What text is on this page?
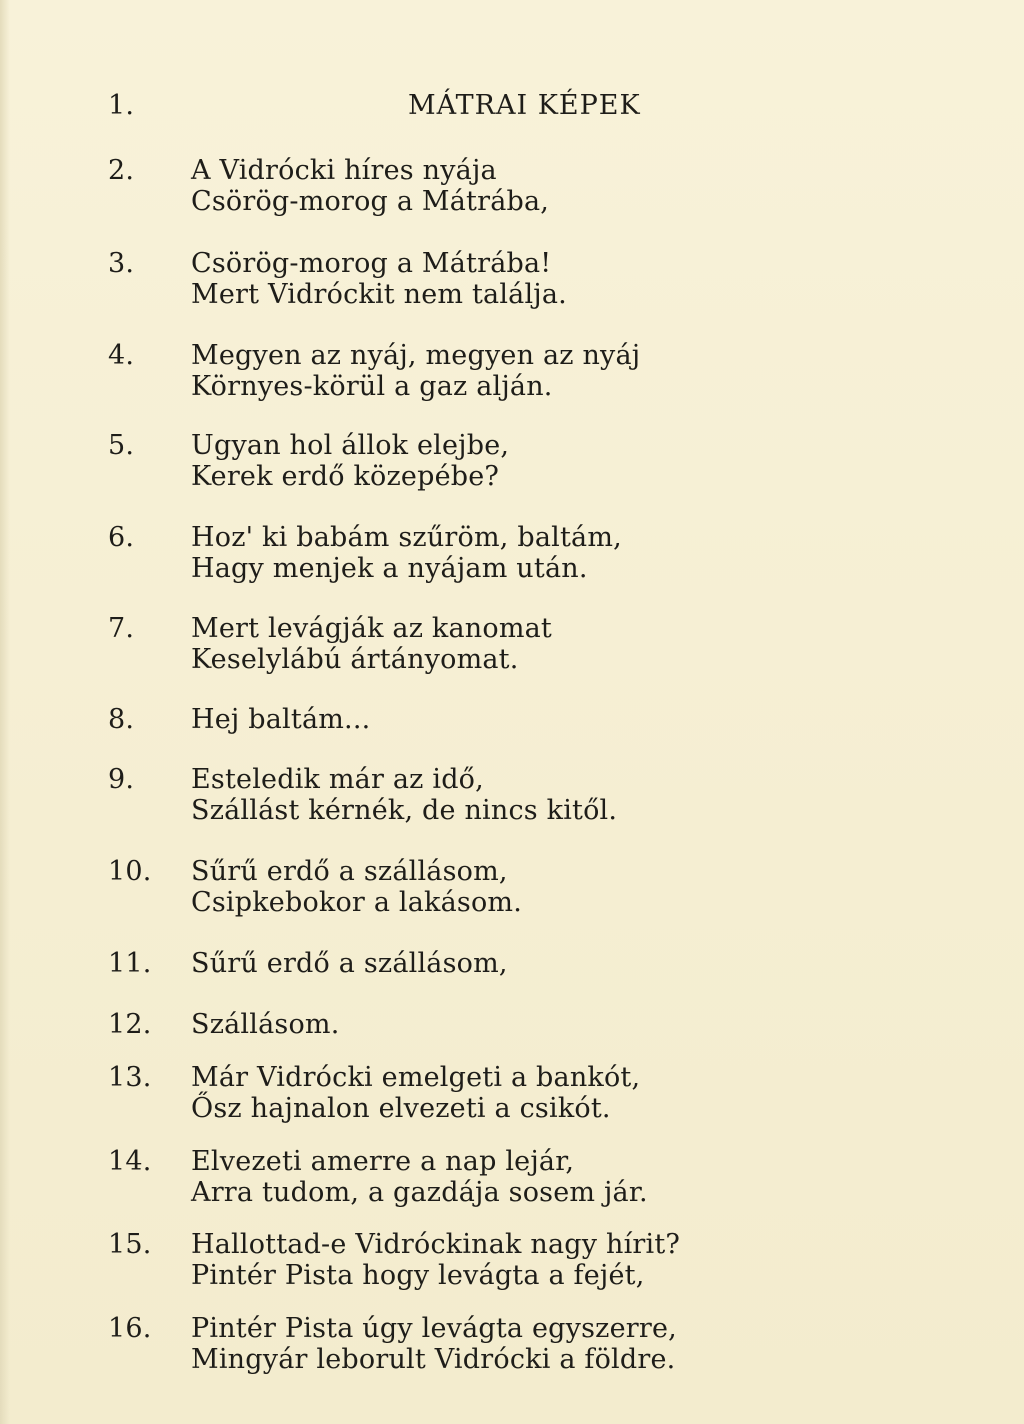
1.	MÁTRAI KÉPEK
2. A Vidrócki híres nyája
Csörög-morog a Mátrába,
3. Csörög-morog a Mátrába!
Mert Vidróckit nem találja.
4. Megyen az nyáj, megyen az nyáj
Környes-körül a gaz alján.
5. Ugyan hol állok elejbe,
Kerek erdő közepébe?
6. Hoz' ki babám szűröm, baltám,
Hagy menjek a nyájam után.
7. Mert levágják az kanomat
Keselylábú ártányomat.
8. Hej baltám...
9. Esteledik már az idő,
Szállást kérnék, de nincs kitől.
10. Sűrű erdő a szállásom,
Csipkebokor a lakásom.
11. Sűrű erdő a szállásom,
12. Szállásom.
13. Már Vidrócki emelgeti a bankót,
Ősz hajnalon elvezeti a csikót.
14. Elvezeti amerre a nap lejár,
Arra tudom, a gazdája sosem jár.
15. Hallottad-e Vidróckinak nagy hírit?
Pintér Pista hogy levágta a fejét,
16. Pintér Pista úgy levágta egyszerre,
Mingyár leborult Vidrócki a földre.
